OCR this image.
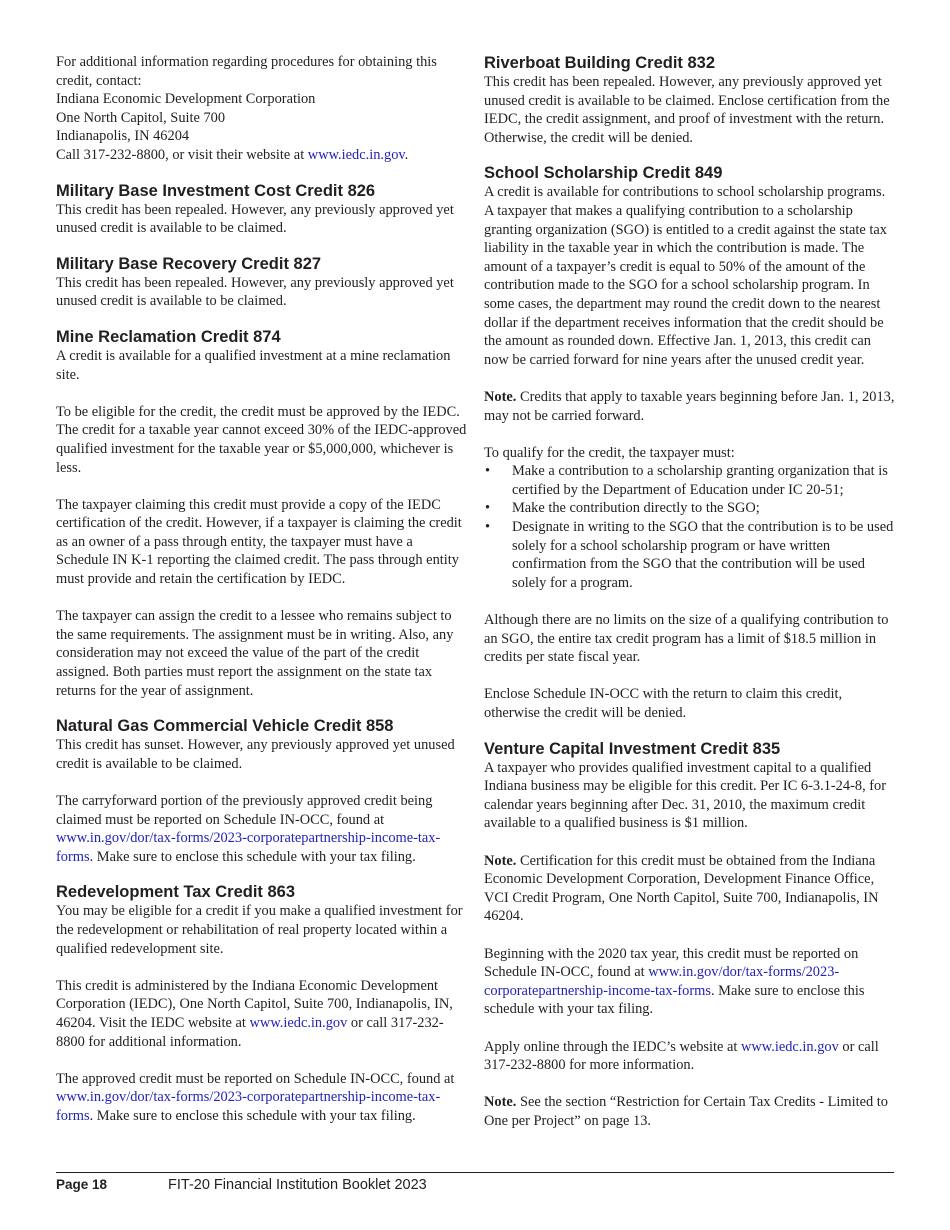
For additional information regarding procedures for obtaining this credit, contact:

Indiana Economic Development Corporation

One North Capitol, Suite 700

Indianapolis, IN 46204

Call 317-232-8800, or visit their website at www.iedc.in.gov.

Military Base Investment Cost Credit 826

This credit has been repealed. However, any previously approved yet unused credit is available to be claimed.

Military Base Recovery Credit 827

This credit has been repealed. However, any previously approved yet unused credit is available to be claimed.

Mine Reclamation Credit 874

A credit is available for a qualified investment at a mine reclamation site.

To be eligible for the credit, the credit must be approved by the IEDC. The credit for a taxable year cannot exceed 30% of the IEDC-approved qualified investment for the taxable year or $5,000,000, whichever is less.

The taxpayer claiming this credit must provide a copy of the IEDC certification of the credit. However, if a taxpayer is claiming the credit as an owner of a pass through entity, the taxpayer must have a Schedule IN K-1 reporting the claimed credit. The pass through entity must provide and retain the certification by IEDC.

The taxpayer can assign the credit to a lessee who remains subject to the same requirements. The assignment must be in writing. Also, any consideration may not exceed the value of the part of the credit assigned. Both parties must report the assignment on the state tax returns for the year of assignment.

Natural Gas Commercial Vehicle Credit 858

This credit has sunset. However, any previously approved yet unused credit is available to be claimed.

The carryforward portion of the previously approved credit being claimed must be reported on Schedule IN-OCC, found at www.in.gov/dor/tax-forms/2023-corporatepartnership-income-tax-forms. Make sure to enclose this schedule with your tax filing.

Redevelopment Tax Credit 863

You may be eligible for a credit if you make a qualified investment for the redevelopment or rehabilitation of real property located within a qualified redevelopment site.

This credit is administered by the Indiana Economic Development Corporation (IEDC), One North Capitol, Suite 700, Indianapolis, IN, 46204. Visit the IEDC website at www.iedc.in.gov or call 317-232-8800 for additional information.

The approved credit must be reported on Schedule IN-OCC, found at www.in.gov/dor/tax-forms/2023-corporatepartnership-income-tax-forms. Make sure to enclose this schedule with your tax filing.

Riverboat Building Credit 832

This credit has been repealed. However, any previously approved yet unused credit is available to be claimed. Enclose certification from the IEDC, the credit assignment, and proof of investment with the return. Otherwise, the credit will be denied.

School Scholarship Credit 849

A credit is available for contributions to school scholarship programs. A taxpayer that makes a qualifying contribution to a scholarship granting organization (SGO) is entitled to a credit against the state tax liability in the taxable year in which the contribution is made. The amount of a taxpayer’s credit is equal to 50% of the amount of the contribution made to the SGO for a school scholarship program. In some cases, the department may round the credit down to the nearest dollar if the department receives information that the credit should be the amount as rounded down. Effective Jan. 1, 2013, this credit can now be carried forward for nine years after the unused credit year.

Note. Credits that apply to taxable years beginning before Jan. 1, 2013, may not be carried forward.

To qualify for the credit, the taxpayer must:

• Make a contribution to a scholarship granting organization that is certified by the Department of Education under IC 20-51;
• Make the contribution directly to the SGO;
• Designate in writing to the SGO that the contribution is to be used solely for a school scholarship program or have written confirmation from the SGO that the contribution will be used solely for a program.

Although there are no limits on the size of a qualifying contribution to an SGO, the entire tax credit program has a limit of $18.5 million in credits per state fiscal year.

Enclose Schedule IN-OCC with the return to claim this credit, otherwise the credit will be denied.

Venture Capital Investment Credit 835

A taxpayer who provides qualified investment capital to a qualified Indiana business may be eligible for this credit. Per IC 6-3.1-24-8, for calendar years beginning after Dec. 31, 2010, the maximum credit available to a qualified business is $1 million.

Note. Certification for this credit must be obtained from the Indiana Economic Development Corporation, Development Finance Office, VCI Credit Program, One North Capitol, Suite 700, Indianapolis, IN 46204.

Beginning with the 2020 tax year, this credit must be reported on Schedule IN-OCC, found at www.in.gov/dor/tax-forms/2023-corporatepartnership-income-tax-forms. Make sure to enclose this schedule with your tax filing.

Apply online through the IEDC’s website at www.iedc.in.gov or call 317-232-8800 for more information.

Note. See the section “Restriction for Certain Tax Credits - Limited to One per Project” on page 13.

Page 18	FIT-20 Financial Institution Booklet 2023
